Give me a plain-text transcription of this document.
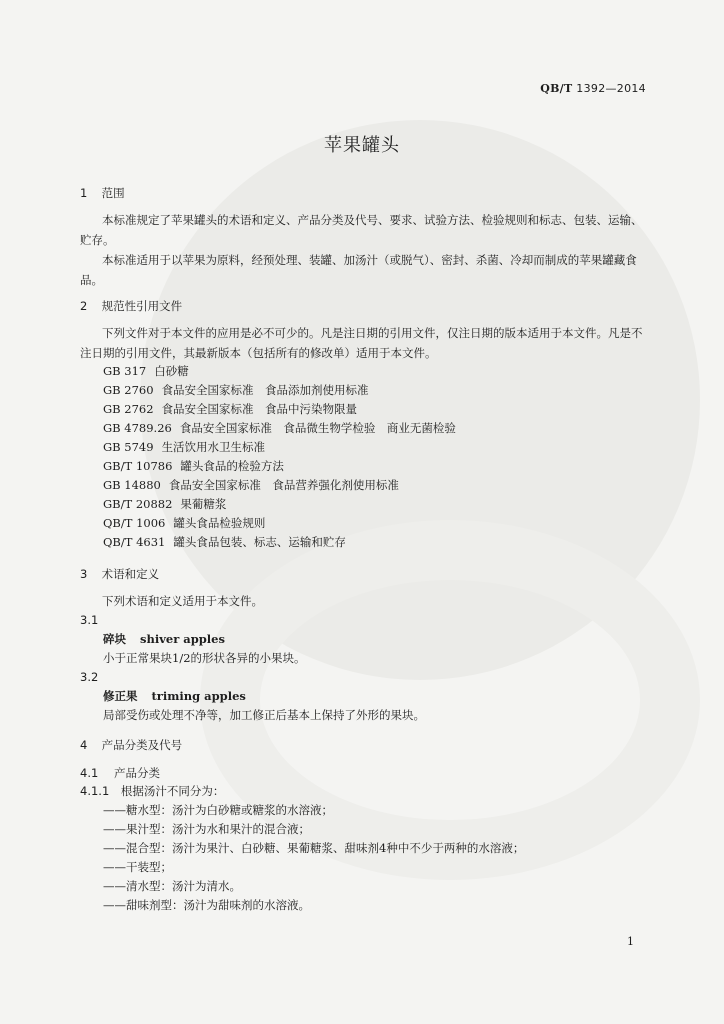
QB/T 1392—2014
苹果罐头
1 范围
本标准规定了苹果罐头的术语和定义、产品分类及代号、要求、试验方法、检验规则和标志、包装、运输、贮存。
本标准适用于以苹果为原料，经预处理、装罐、加汤汁（或脱气）、密封、杀菌、冷却而制成的苹果罐藏食品。
2 规范性引用文件
下列文件对于本文件的应用是必不可少的。凡是注日期的引用文件，仅注日期的版本适用于本文件。凡是不注日期的引用文件，其最新版本（包括所有的修改单）适用于本文件。
GB 317 白砂糖
GB 2760 食品安全国家标准　食品添加剂使用标准
GB 2762 食品安全国家标准　食品中污染物限量
GB 4789.26 食品安全国家标准　食品微生物学检验　商业无菌检验
GB 5749 生活饮用水卫生标准
GB/T 10786 罐头食品的检验方法
GB 14880 食品安全国家标准　食品营养强化剂使用标准
GB/T 20882 果葡糖浆
QB/T 1006 罐头食品检验规则
QB/T 4631 罐头食品包装、标志、运输和贮存
3 术语和定义
下列术语和定义适用于本文件。
3.1
碎块 shiver apples
小于正常果块1/2的形状各异的小果块。
3.2
修正果 triming apples
局部受伤或处理不净等，加工修正后基本上保持了外形的果块。
4 产品分类及代号
4.1 产品分类
4.1.1 根据汤汁不同分为：
——糖水型：汤汁为白砂糖或糖浆的水溶液；
——果汁型：汤汁为水和果汁的混合液；
——混合型：汤汁为果汁、白砂糖、果葡糖浆、甜味剂4种中不少于两种的水溶液；
——干装型；
——清水型：汤汁为清水。
——甜味剂型：汤汁为甜味剂的水溶液。
1
